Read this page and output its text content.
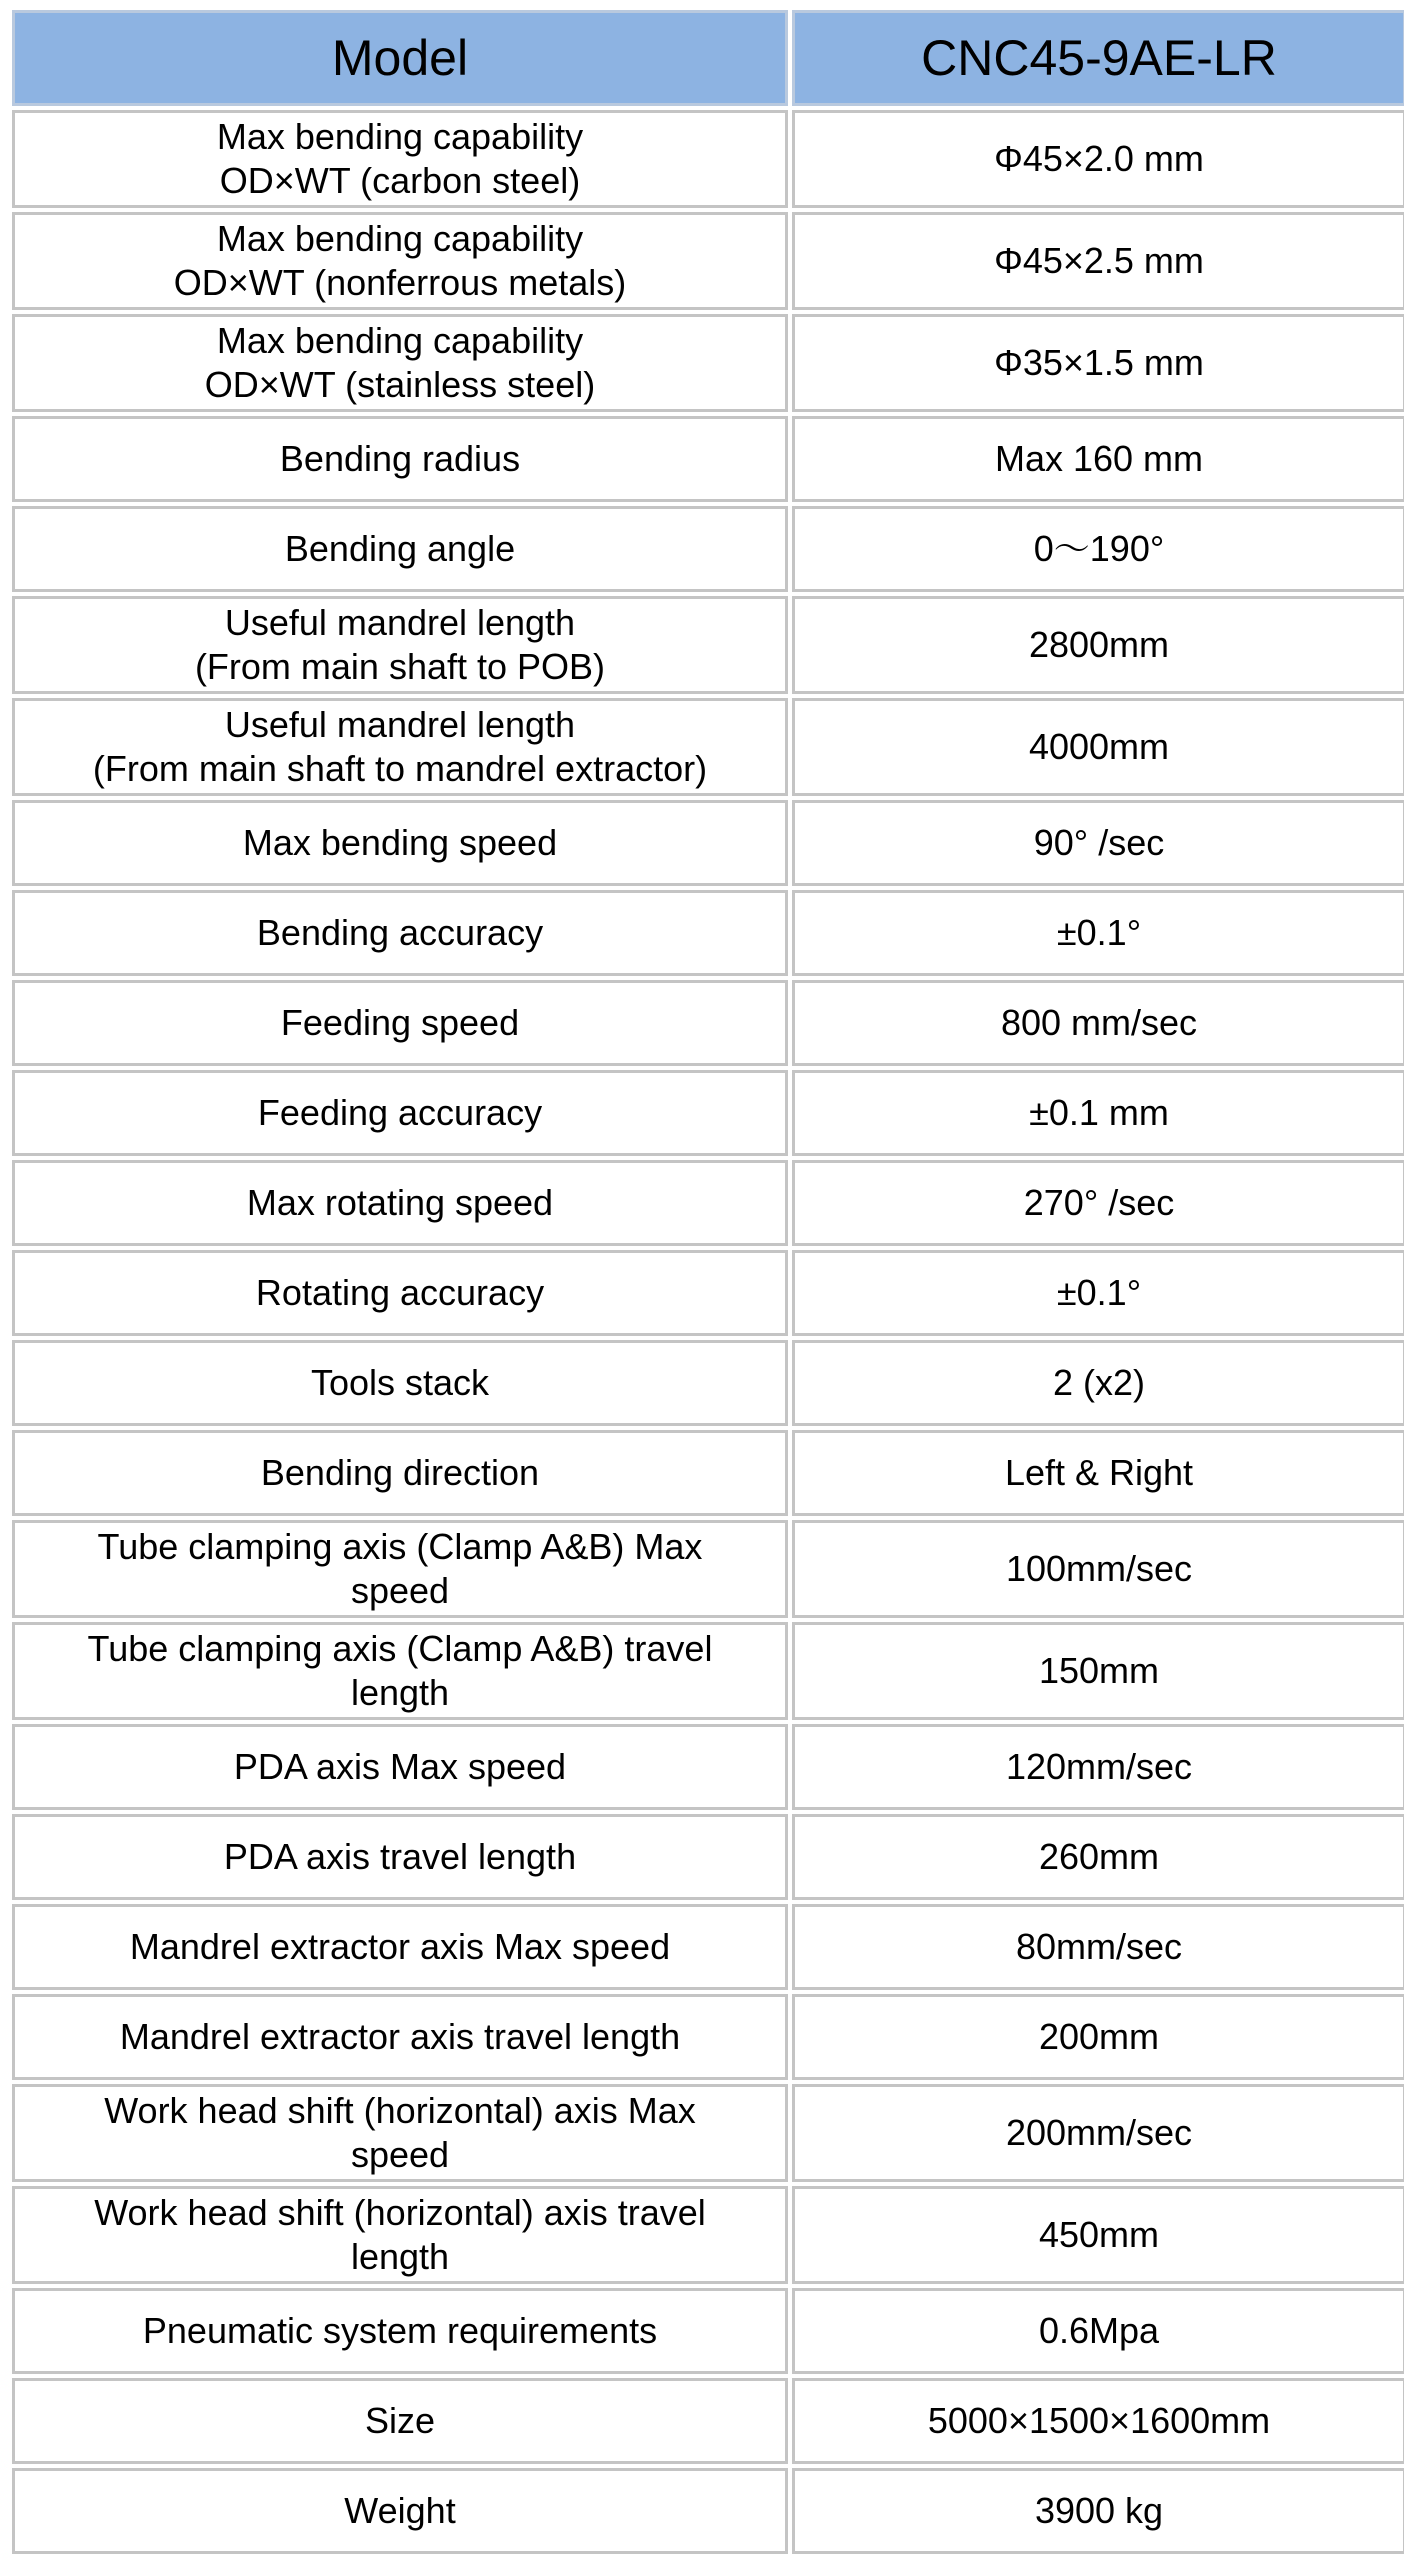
Model	CNC45-9AE-LR

Max bending capability
OD×WT (carbon steel)	Φ45×2.0 mm

Max bending capability
OD×WT (nonferrous metals)	Φ45×2.5 mm

Max bending capability
OD×WT (stainless steel)	Φ35×1.5 mm

Bending radius	Max 160 mm

Bending angle	0～190°

Useful mandrel length
(From main shaft to POB)	2800mm

Useful mandrel length
(From main shaft to mandrel extractor)	4000mm

Max bending speed	90° /sec

Bending accuracy	±0.1°

Feeding speed	800 mm/sec

Feeding accuracy	±0.1 mm

Max rotating speed	270° /sec

Rotating accuracy	±0.1°

Tools stack	2 (x2)

Bending direction	Left & Right

Tube clamping axis (Clamp A&B) Max
speed	100mm/sec

Tube clamping axis (Clamp A&B) travel
length	150mm

PDA axis Max speed	120mm/sec

PDA axis travel length	260mm

Mandrel extractor axis Max speed	80mm/sec

Mandrel extractor axis travel length	200mm

Work head shift (horizontal) axis Max
speed	200mm/sec

Work head shift (horizontal) axis travel
length	450mm

Pneumatic system requirements	0.6Mpa

Size	5000×1500×1600mm

Weight	3900 kg
